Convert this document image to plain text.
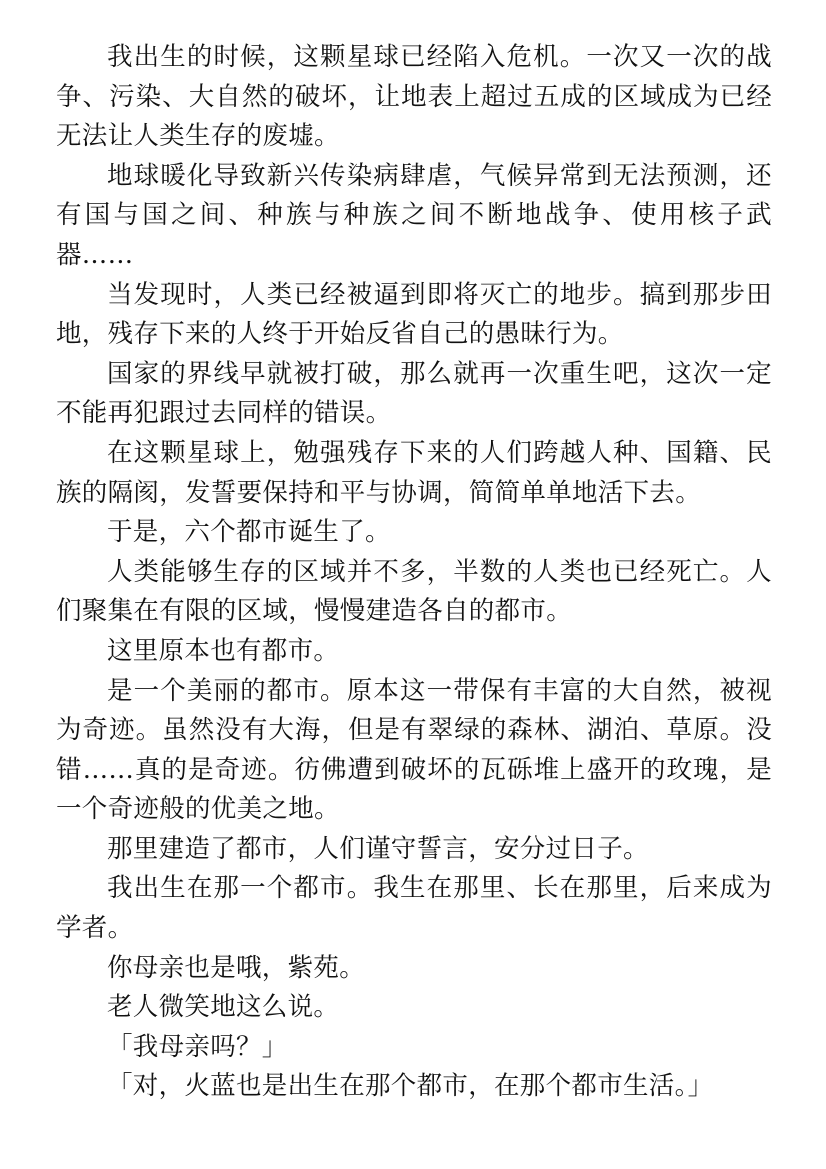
我出生的时候，这颗星球已经陷入危机。一次又一次的战争、污染、大自然的破坏，让地表上超过五成的区域成为已经无法让人类生存的废墟。

地球暖化导致新兴传染病肆虐，气候异常到无法预测，还有国与国之间、种族与种族之间不断地战争、使用核子武器……

当发现时，人类已经被逼到即将灭亡的地步。搞到那步田地，残存下来的人终于开始反省自己的愚昧行为。

国家的界线早就被打破，那么就再一次重生吧，这次一定不能再犯跟过去同样的错误。

在这颗星球上，勉强残存下来的人们跨越人种、国籍、民族的隔阂，发誓要保持和平与协调，简简单单地活下去。

于是，六个都市诞生了。

人类能够生存的区域并不多，半数的人类也已经死亡。人们聚集在有限的区域，慢慢建造各自的都市。

这里原本也有都市。

是一个美丽的都市。原本这一带保有丰富的大自然，被视为奇迹。虽然没有大海，但是有翠绿的森林、湖泊、草原。没错……真的是奇迹。彷佛遭到破坏的瓦砾堆上盛开的玫瑰，是一个奇迹般的优美之地。

那里建造了都市，人们谨守誓言，安分过日子。

我出生在那一个都市。我生在那里、长在那里，后来成为学者。

你母亲也是哦，紫苑。

老人微笑地这么说。

「我母亲吗？」

「对，火蓝也是出生在那个都市，在那个都市生活。」
